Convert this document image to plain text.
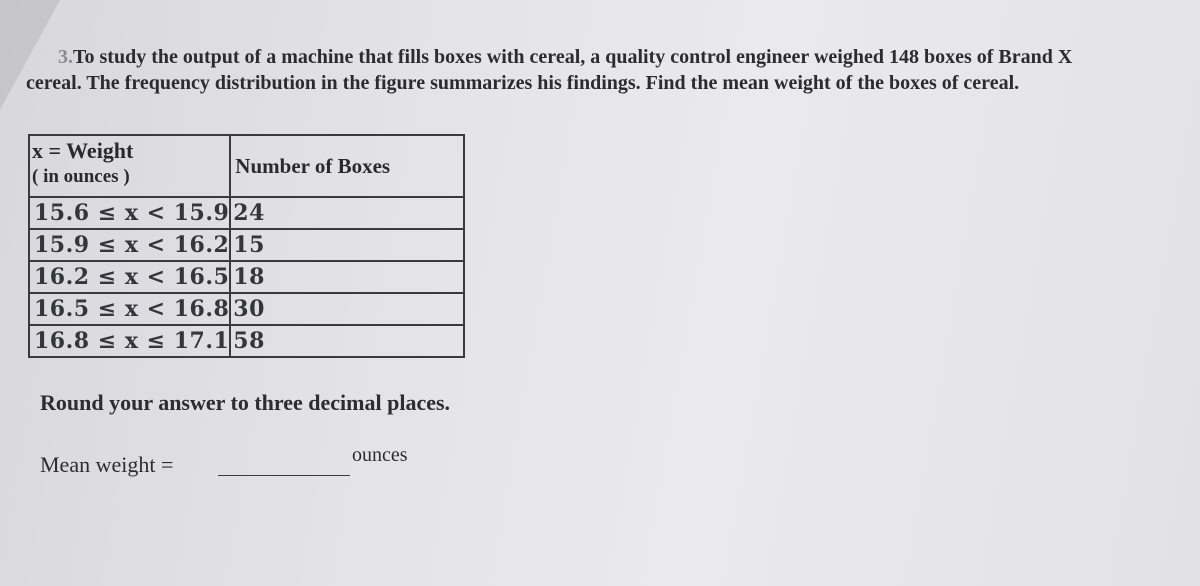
3.To study the output of a machine that fills boxes with cereal, a quality control engineer weighed 148 boxes of Brand X
cereal. The frequency distribution in the figure summarizes his findings. Find the mean weight of the boxes of cereal.
x = Weight
( in ounces )	Number of Boxes
15.6 ≤ x < 15.9	24
15.9 ≤ x < 16.2	15
16.2 ≤ x < 16.5	18
16.5 ≤ x < 16.8	30
16.8 ≤ x ≤ 17.1	58
Round your answer to three decimal places.
Mean weight =	ounces
